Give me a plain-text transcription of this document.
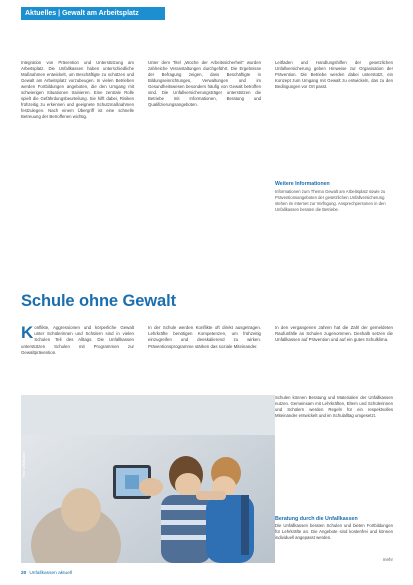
Aktuelles | Gewalt am Arbeitsplatz
Integration von Prävention und Unterstützung am Arbeitsplatz. Die Unfallkassen haben unterschiedliche Maßnahmen entwickelt, um Beschäftigte zu schützen und Gewalt am Arbeitsplatz vorzubeugen. In vielen Betrieben werden Fortbildungen angeboten, die den Umgang mit schwierigen Situationen trainieren. Eine zentrale Rolle spielt die Gefährdungsbeurteilung. Sie hilft dabei, Risiken frühzeitig zu erkennen und geeignete Schutzmaßnahmen festzulegen. Nach einem Übergriff ist eine schnelle Betreuung der Betroffenen wichtig.
Unter dem Titel „Woche der Arbeitssicherheit“ wurden zahlreiche Veranstaltungen durchgeführt. Die Ergebnisse der Befragung zeigen, dass Beschäftigte in Bildungseinrichtungen, Verwaltungen und im Gesundheitswesen besonders häufig von Gewalt betroffen sind. Die Unfallversicherungsträger unterstützen die Betriebe mit Informationen, Beratung und Qualifizierungsangeboten.
Leitfaden und Handlungshilfen der gesetzlichen Unfallversicherung geben Hinweise zur Organisation der Prävention. Die Betriebe werden dabei unterstützt, ein Konzept zum Umgang mit Gewalt zu entwickeln, das zu den Bedingungen vor Ort passt.
Weitere Informationen

Informationen zum Thema Gewalt am Arbeitsplatz sowie zu Präventionsangeboten der gesetzlichen Unfallversicherung stehen im Internet zur Verfügung. Ansprechpersonen in den Unfallkassen beraten die Betriebe.

Schule ohne Gewalt
Konflikte, Aggressionen und körperliche Gewalt unter Schülerinnen und Schülern sind in vielen Schulen Teil des Alltags. Die Unfallkassen unterstützen Schulen mit Programmen zur Gewaltprävention.
In der Schule werden Konflikte oft direkt ausgetragen. Lehrkräfte benötigen Kompetenzen, um frühzeitig einzugreifen und deeskalierend zu wirken. Präventionsprogramme stärken das soziale Miteinander.
In den vergangenen Jahren hat die Zahl der gemeldeten Raufunfälle an Schulen zugenommen. Deshalb setzen die Unfallkassen auf Prävention und auf ein gutes Schulklima.
Foto: Unfallkasse
Schulen können Beratung und Materialien der Unfallkassen nutzen. Gemeinsam mit Lehrkräften, Eltern und Schülerinnen und Schülern werden Regeln für ein respektvolles Miteinander entwickelt und im Schulalltag umgesetzt.
Beratung durch die Unfallkassen
Die Unfallkassen beraten Schulen und bieten Fortbildungen für Lehrkräfte an. Die Angebote sind kostenfrei und können individuell angepasst werden.
mehr
20 Unfallkassen aktuell
